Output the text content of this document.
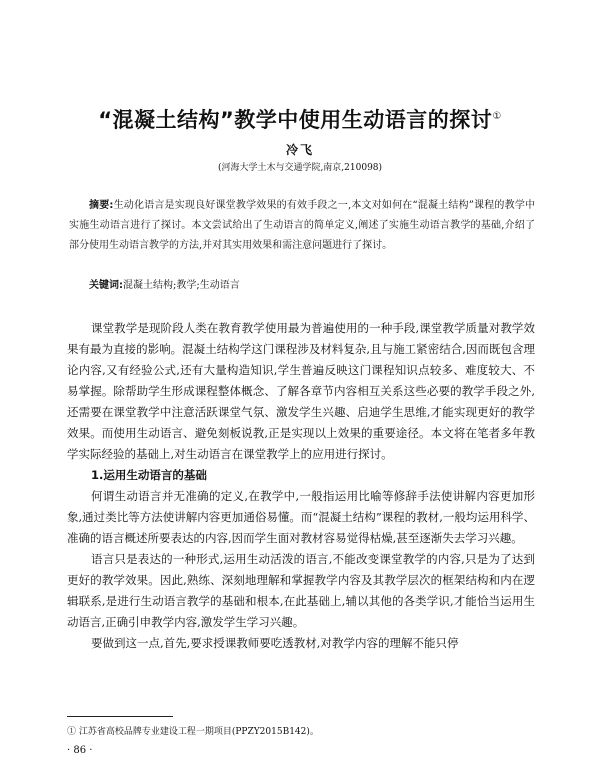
“混凝土结构”教学中使用生动语言的探讨①
冷飞
(河海大学土木与交通学院,南京,210098)

摘要:生动化语言是实现良好课堂教学效果的有效手段之一,本文对如何在“混凝土结构”课程的教学中实施生动语言进行了探讨。本文尝试给出了生动语言的简单定义,阐述了实施生动语言教学的基础,介绍了部分使用生动语言教学的方法,并对其实用效果和需注意问题进行了探讨。

关键词:混凝土结构;教学;生动语言

课堂教学是现阶段人类在教育教学使用最为普遍使用的一种手段,课堂教学质量对教学效果有最为直接的影响。混凝土结构学这门课程涉及材料复杂,且与施工紧密结合,因而既包含理论内容,又有经验公式,还有大量构造知识,学生普遍反映这门课程知识点较多、难度较大、不易掌握。除帮助学生形成课程整体概念、了解各章节内容相互关系这些必要的教学手段之外,还需要在课堂教学中注意活跃课堂气氛、激发学生兴趣、启迪学生思维,才能实现更好的教学效果。而使用生动语言、避免刻板说教,正是实现以上效果的重要途径。本文将在笔者多年教学实际经验的基础上,对生动语言在课堂教学上的应用进行探讨。

1.运用生动语言的基础

何谓生动语言并无准确的定义,在教学中,一般指运用比喻等修辞手法使讲解内容更加形象,通过类比等方法使讲解内容更加通俗易懂。而“混凝土结构”课程的教材,一般均运用科学、准确的语言概述所要表达的内容,因而学生面对教材容易觉得枯燥,甚至逐渐失去学习兴趣。

语言只是表达的一种形式,运用生动活泼的语言,不能改变课堂教学的内容,只是为了达到更好的教学效果。因此,熟练、深刻地理解和掌握教学内容及其教学层次的框架结构和内在逻辑联系,是进行生动语言教学的基础和根本,在此基础上,辅以其他的各类学识,才能恰当运用生动语言,正确引申教学内容,激发学生学习兴趣。

要做到这一点,首先,要求授课教师要吃透教材,对教学内容的理解不能只停

① 江苏省高校品牌专业建设工程一期项目(PPZY2015B142)。
· 86 ·
